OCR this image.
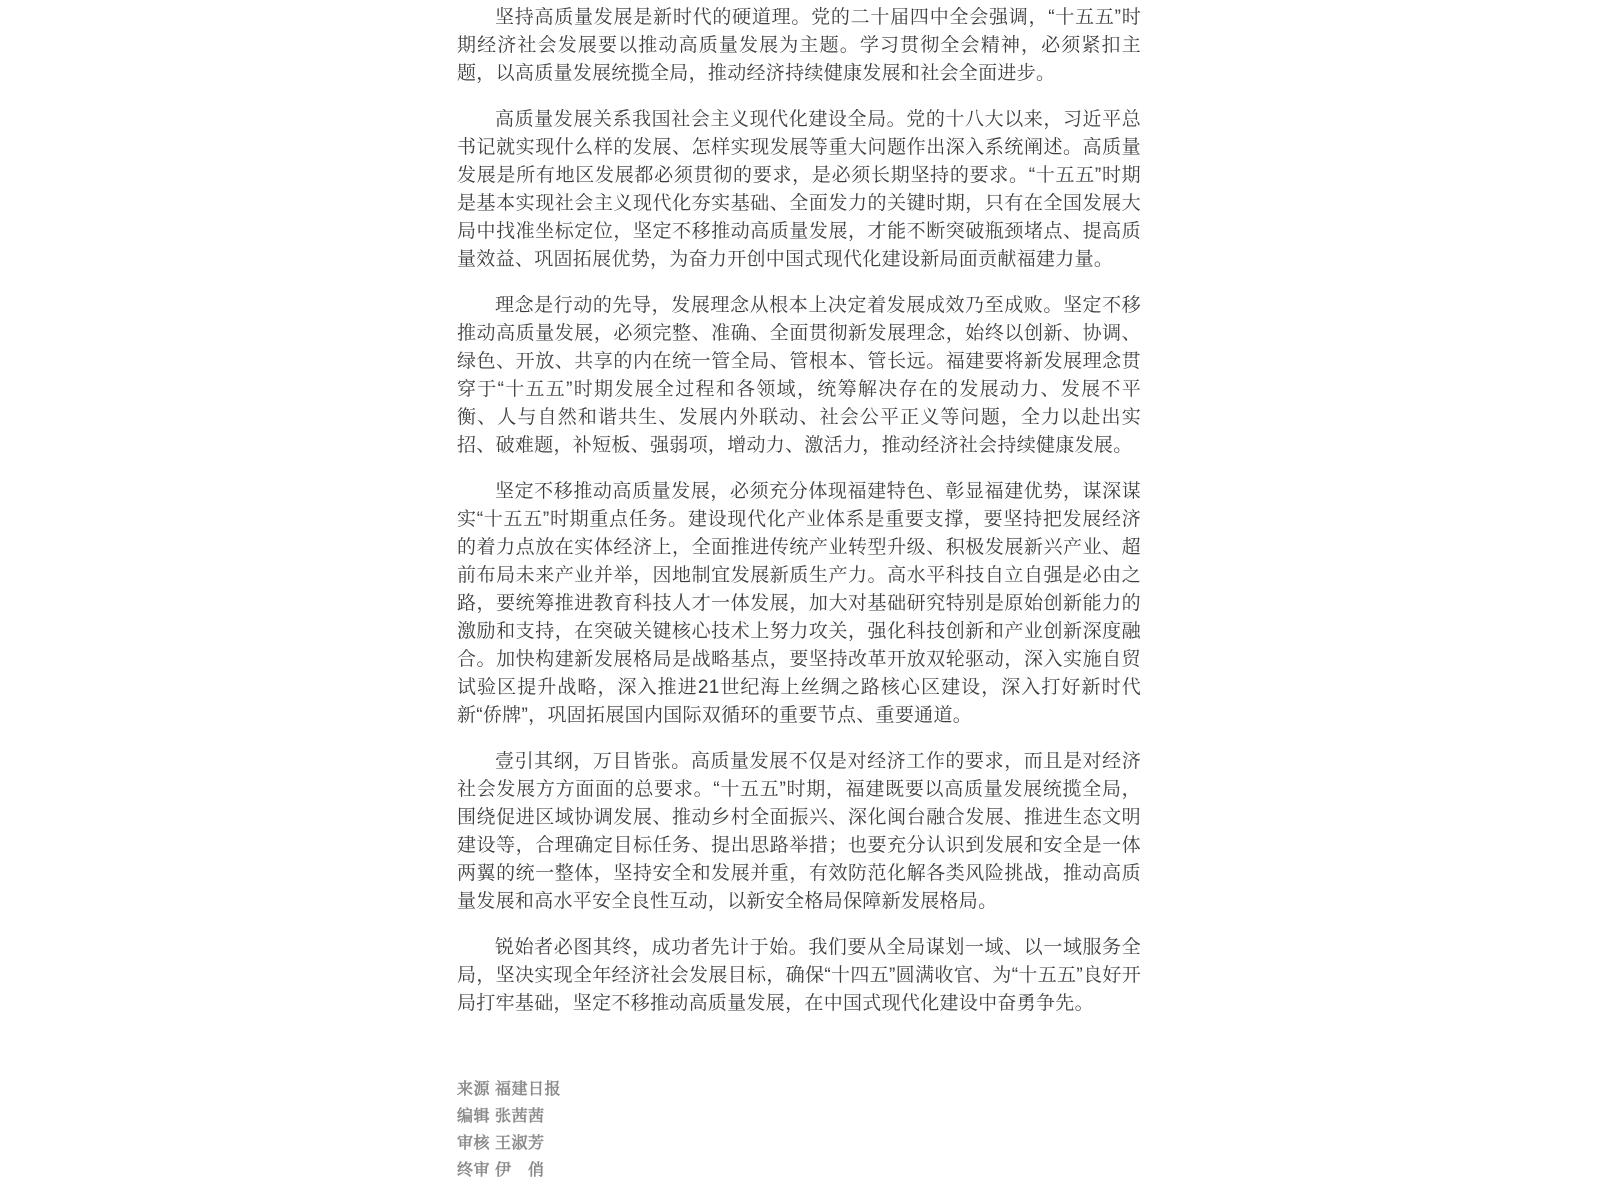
坚持高质量发展是新时代的硬道理。党的二十届四中全会强调，“十五五”时期经济社会发展要以推动高质量发展为主题。学习贯彻全会精神，必须紧扣主题，以高质量发展统揽全局，推动经济持续健康发展和社会全面进步。

高质量发展关系我国社会主义现代化建设全局。党的十八大以来，习近平总书记就实现什么样的发展、怎样实现发展等重大问题作出深入系统阐述。高质量发展是所有地区发展都必须贯彻的要求，是必须长期坚持的要求。“十五五”时期是基本实现社会主义现代化夯实基础、全面发力的关键时期，只有在全国发展大局中找准坐标定位，坚定不移推动高质量发展，才能不断突破瓶颈堵点、提高质量效益、巩固拓展优势，为奋力开创中国式现代化建设新局面贡献福建力量。

理念是行动的先导，发展理念从根本上决定着发展成效乃至成败。坚定不移推动高质量发展，必须完整、准确、全面贯彻新发展理念，始终以创新、协调、绿色、开放、共享的内在统一管全局、管根本、管长远。福建要将新发展理念贯穿于“十五五”时期发展全过程和各领域，统筹解决存在的发展动力、发展不平衡、人与自然和谐共生、发展内外联动、社会公平正义等问题，全力以赴出实招、破难题，补短板、强弱项，增动力、激活力，推动经济社会持续健康发展。

坚定不移推动高质量发展，必须充分体现福建特色、彰显福建优势，谋深谋实“十五五”时期重点任务。建设现代化产业体系是重要支撑，要坚持把发展经济的着力点放在实体经济上，全面推进传统产业转型升级、积极发展新兴产业、超前布局未来产业并举，因地制宜发展新质生产力。高水平科技自立自强是必由之路，要统筹推进教育科技人才一体发展，加大对基础研究特别是原始创新能力的激励和支持，在突破关键核心技术上努力攻关，强化科技创新和产业创新深度融合。加快构建新发展格局是战略基点，要坚持改革开放双轮驱动，深入实施自贸试验区提升战略，深入推进21世纪海上丝绸之路核心区建设，深入打好新时代新“侨牌”，巩固拓展国内国际双循环的重要节点、重要通道。

壹引其纲，万目皆张。高质量发展不仅是对经济工作的要求，而且是对经济社会发展方方面面的总要求。“十五五”时期，福建既要以高质量发展统揽全局，围绕促进区域协调发展、推动乡村全面振兴、深化闽台融合发展、推进生态文明建设等，合理确定目标任务、提出思路举措；也要充分认识到发展和安全是一体两翼的统一整体，坚持安全和发展并重，有效防范化解各类风险挑战，推动高质量发展和高水平安全良性互动，以新安全格局保障新发展格局。

锐始者必图其终，成功者先计于始。我们要从全局谋划一域、以一域服务全局，坚决实现全年经济社会发展目标，确保“十四五”圆满收官、为“十五五”良好开局打牢基础，坚定不移推动高质量发展，在中国式现代化建设中奋勇争先。

来源 福建日报
编辑 张茜茜
审核 王淑芳
终审 伊　俏
